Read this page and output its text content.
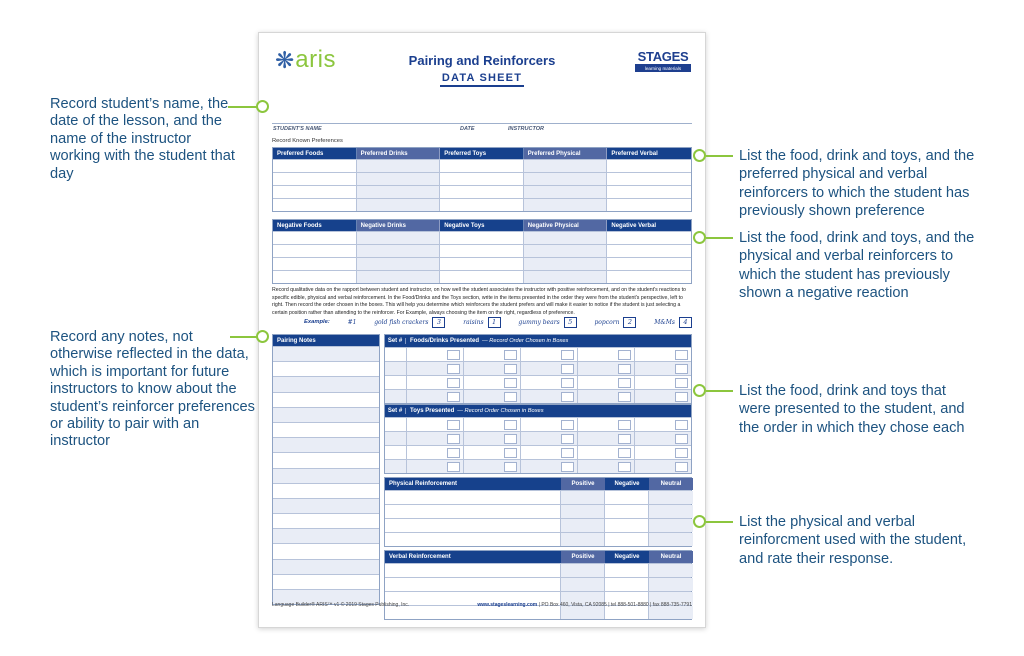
Record student’s name, the date of the lesson, and the name of the instructor working with the student that day
Record any notes, not otherwise reflected in the data, which is important for future instructors to know about the student’s reinforcer preferences or ability to pair with an instructor
List the food, drink and toys, and the preferred physical and verbal reinforcers to which the student has previously shown preference
List the food, drink and toys, and the physical and verbal reinforcers to which the student has previously shown a negative reaction
List the food, drink and toys that were presented to the student, and the order in which they chose each
List the physical and verbal reinforcment used with the student, and rate their response.
❋ aris	Pairing and Reinforcers
DATA SHEET
STAGES
learning materials
STUDENT'S NAME	DATE	INSTRUCTOR
Record Known Preferences
Preferred Foods	Preferred Drinks	Preferred Toys	Preferred Physical	Preferred Verbal
Negative Foods	Negative Drinks	Negative Toys	Negative Physical	Negative Verbal
Record qualitative data on the rapport between student and instructor, on how well the student associates the instructor with positive reinforcement, and on the student's reactions to specific edible, physical and verbal reinforcement. In the Food/Drinks and the Toys section, write in the items presented in the order they were from the student's perspective, left to right. Then record the order chosen in the boxes. This will help you determine which reinforcers the student prefers and will make it easier to notice if the student is just selecting a certain position rather than attending to the reinforcer. For Example, always choosing the item on the right, regardless of preference.
Example:	#1	gold fish crackers	3	raisins	1	gummy bears	5	popcorn	2	M&Ms	4
Pairing Notes	Set #	Foods/Drinks Presented — Record Order Chosen in Boxes
Set #	Toys Presented — Record Order Chosen in Boxes
Physical Reinforcement	Positive	Negative	Neutral
Verbal Reinforcement	Positive	Negative	Neutral
Language Builder® ARIS™ v1 © 2019 Stages Publishing, Inc.	www.stageslearning.com | PO Box 460, Vista, CA 92085 | tel 888-501-8880 | fax 888-735-7791
